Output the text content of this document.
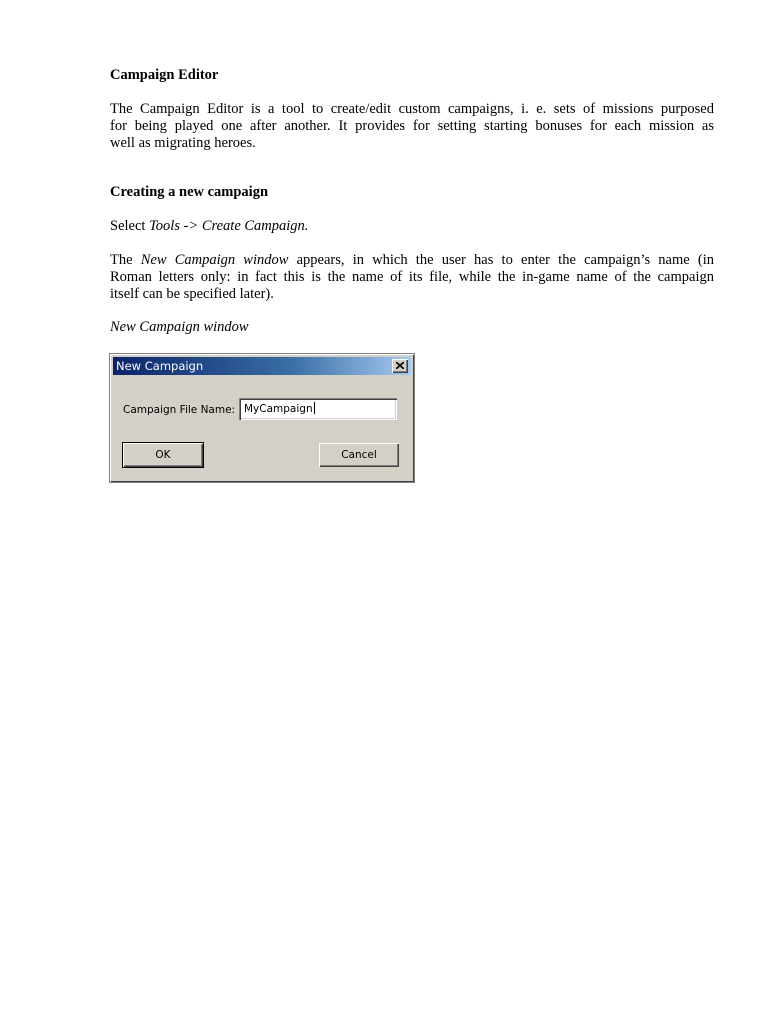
Campaign Editor
The Campaign Editor is a tool to create/edit custom campaigns, i. e. sets of missions purposed
for being played one after another. It provides for setting starting bonuses for each mission as
well as migrating heroes.
Creating a new campaign
Select Tools -> Create Campaign.
The New Campaign window appears, in which the user has to enter the campaign’s name (in
Roman letters only: in fact this is the name of its file, while the in-game name of the campaign
itself can be specified later).
New Campaign window
New Campaign
Campaign File Name: MyCampaign
OK	Cancel
